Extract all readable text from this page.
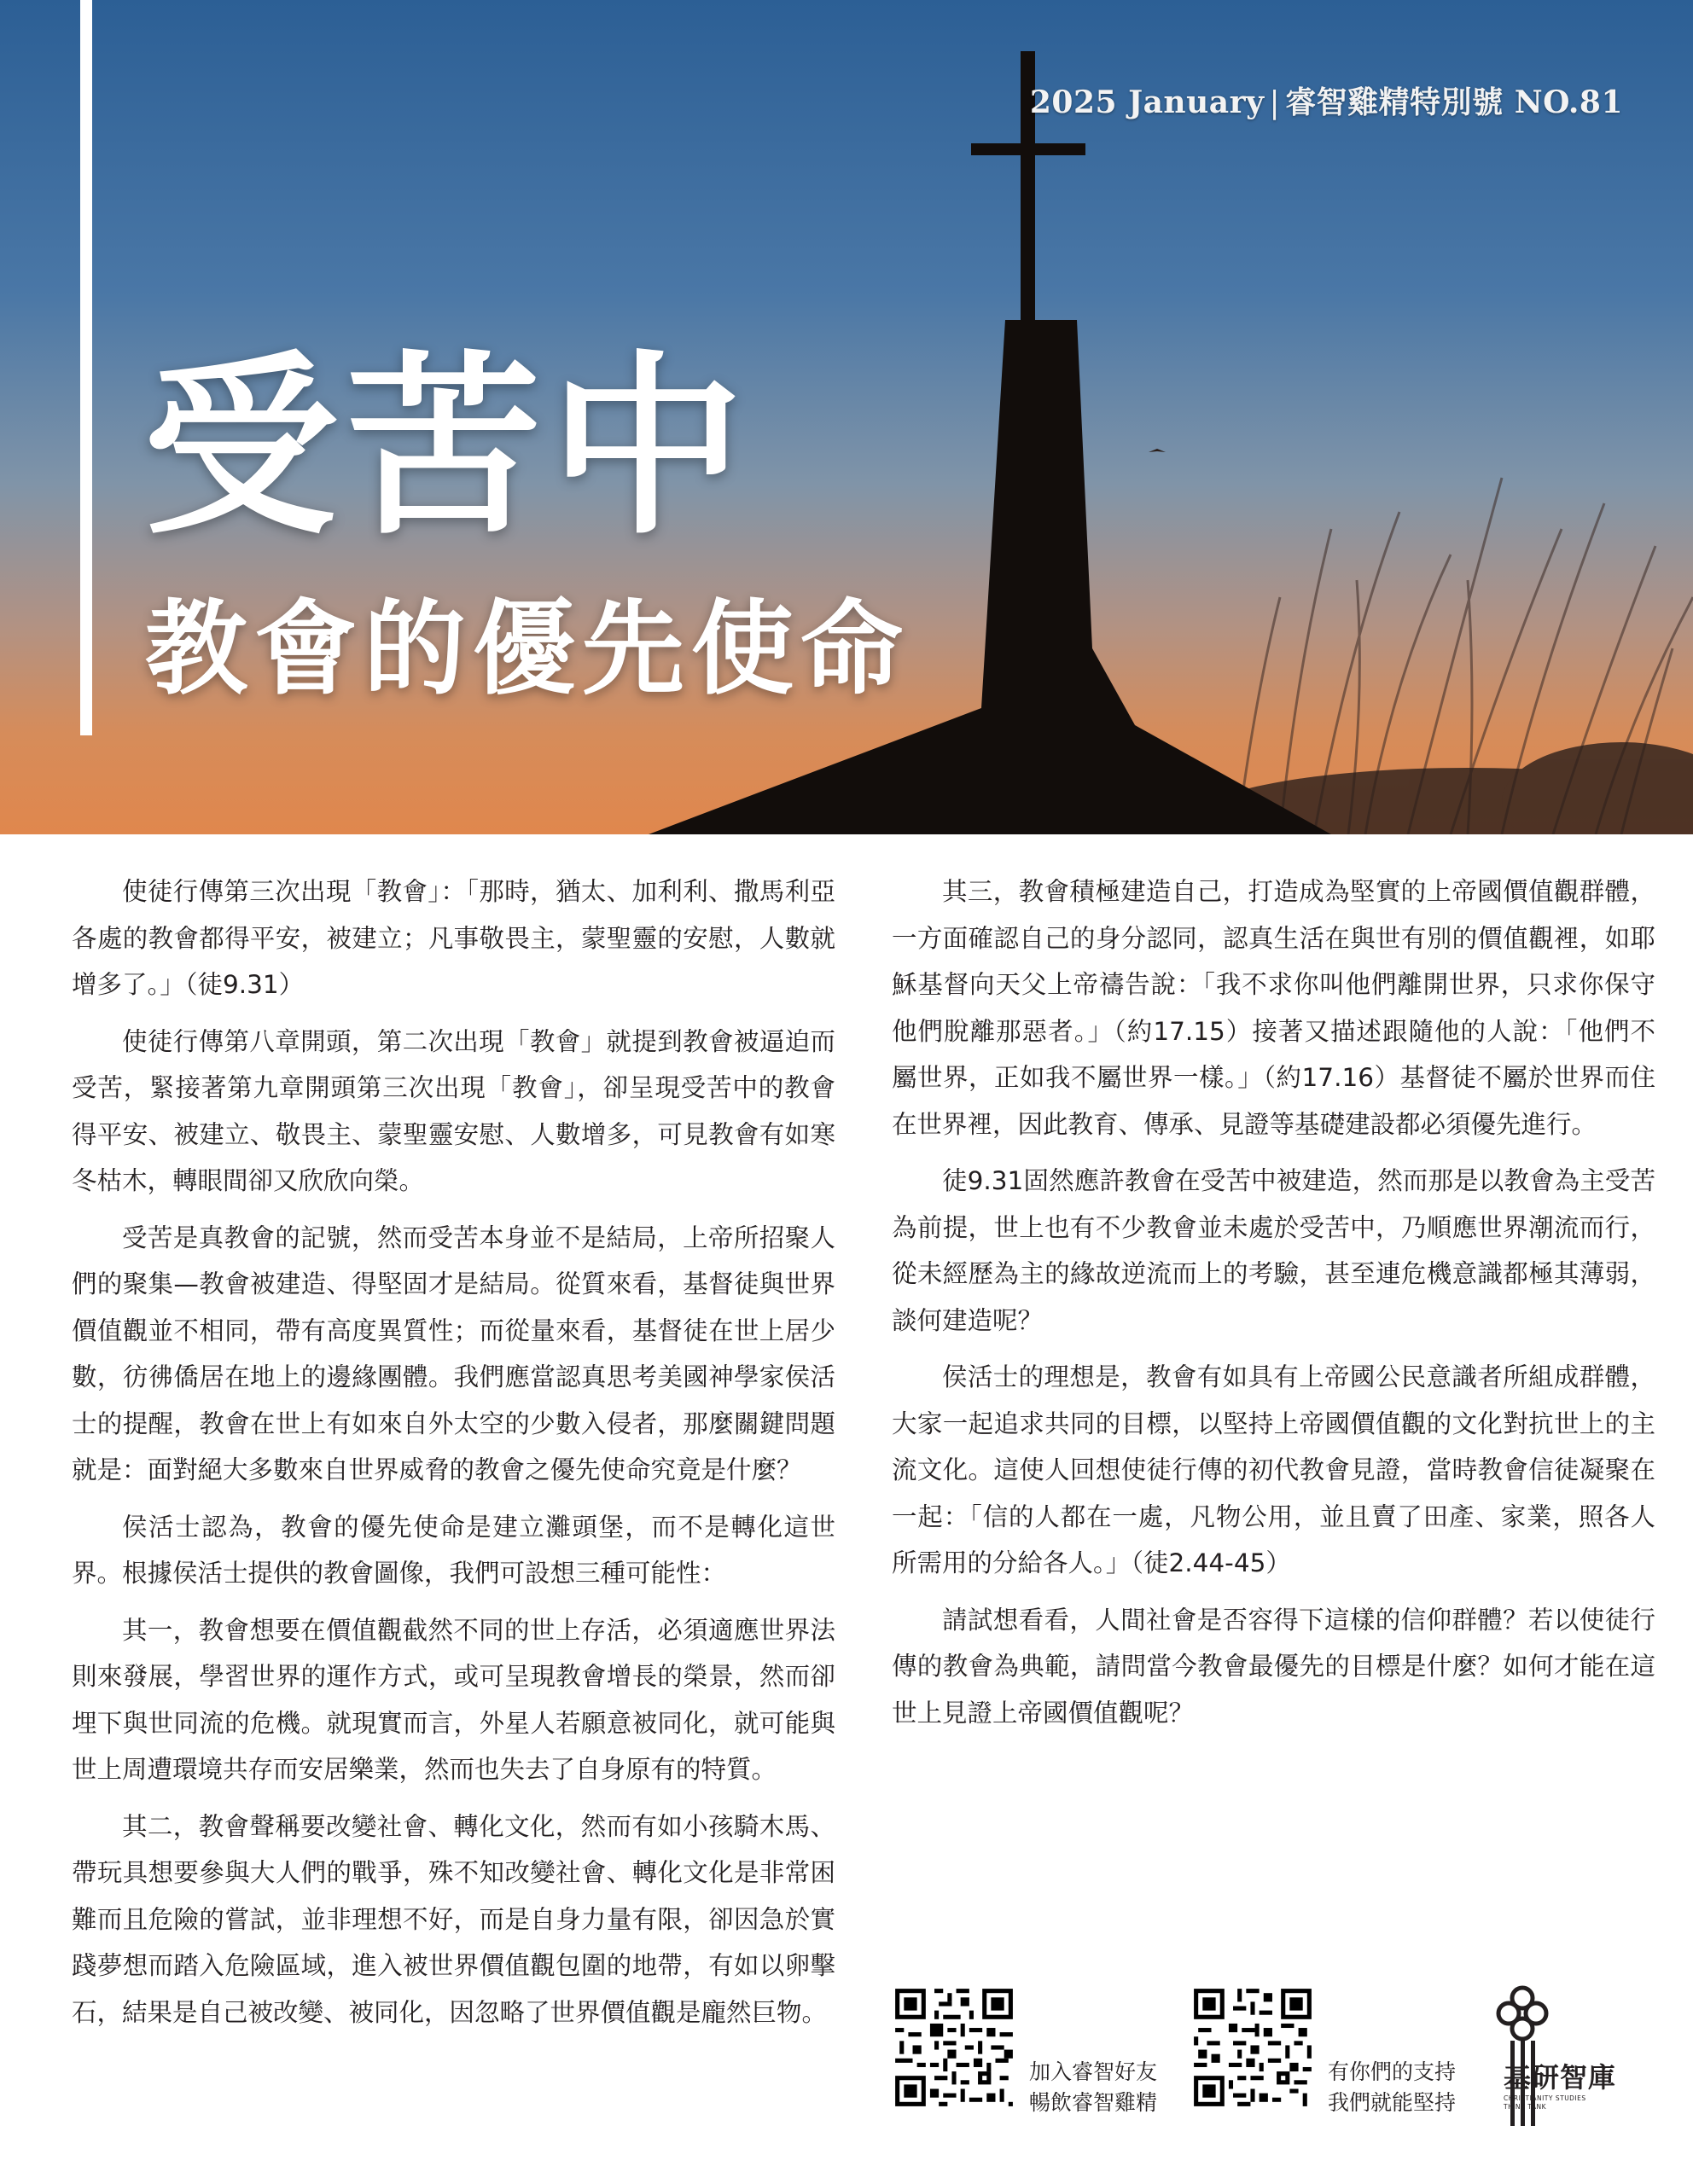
2025 January | 睿智雞精特別號 NO.81
受苦中
教會的優先使命

使徒行傳第三次出現「教會」：「那時，猶太、加利利、撒馬利亞各處的教會都得平安，被建立；凡事敬畏主，蒙聖靈的安慰，人數就增多了。」（徒9.31）

使徒行傳第八章開頭，第二次出現「教會」就提到教會被逼迫而受苦，緊接著第九章開頭第三次出現「教會」，卻呈現受苦中的教會得平安、被建立、敬畏主、蒙聖靈安慰、人數增多，可見教會有如寒冬枯木，轉眼間卻又欣欣向榮。

受苦是真教會的記號，然而受苦本身並不是結局，上帝所招聚人們的聚集—教會被建造、得堅固才是結局。從質來看，基督徒與世界價值觀並不相同，帶有高度異質性；而從量來看，基督徒在世上居少數，彷彿僑居在地上的邊緣團體。我們應當認真思考美國神學家侯活士的提醒，教會在世上有如來自外太空的少數入侵者，那麼關鍵問題就是：面對絕大多數來自世界威脅的教會之優先使命究竟是什麼？

侯活士認為，教會的優先使命是建立灘頭堡，而不是轉化這世界。根據侯活士提供的教會圖像，我們可設想三種可能性：

其一，教會想要在價值觀截然不同的世上存活，必須適應世界法則來發展，學習世界的運作方式，或可呈現教會增長的榮景，然而卻埋下與世同流的危機。就現實而言，外星人若願意被同化，就可能與世上周遭環境共存而安居樂業，然而也失去了自身原有的特質。

其二，教會聲稱要改變社會、轉化文化，然而有如小孩騎木馬、帶玩具想要參與大人們的戰爭，殊不知改變社會、轉化文化是非常困難而且危險的嘗試，並非理想不好，而是自身力量有限，卻因急於實踐夢想而踏入危險區域，進入被世界價值觀包圍的地帶，有如以卵擊石，結果是自己被改變、被同化，因忽略了世界價值觀是龐然巨物。

其三，教會積極建造自己，打造成為堅實的上帝國價值觀群體，一方面確認自己的身分認同，認真生活在與世有別的價值觀裡，如耶穌基督向天父上帝禱告說：「我不求你叫他們離開世界，只求你保守他們脫離那惡者。」（約17.15）接著又描述跟隨他的人說：「他們不屬世界，正如我不屬世界一樣。」（約17.16）基督徒不屬於世界而住在世界裡，因此教育、傳承、見證等基礎建設都必須優先進行。

徒9.31固然應許教會在受苦中被建造，然而那是以教會為主受苦為前提，世上也有不少教會並未處於受苦中，乃順應世界潮流而行，從未經歷為主的緣故逆流而上的考驗，甚至連危機意識都極其薄弱，談何建造呢？

侯活士的理想是，教會有如具有上帝國公民意識者所組成群體，大家一起追求共同的目標，以堅持上帝國價值觀的文化對抗世上的主流文化。這使人回想使徒行傳的初代教會見證，當時教會信徒凝聚在一起：「信的人都在一處，凡物公用，並且賣了田產、家業，照各人所需用的分給各人。」（徒2.44-45）

請試想看看，人間社會是否容得下這樣的信仰群體？若以使徒行傳的教會為典範，請問當今教會最優先的目標是什麼？如何才能在這世上見證上帝國價值觀呢？

加入睿智好友
暢飲睿智雞精
有你們的支持
我們就能堅持
基研智庫
CHRISTIANITY STUDIES
THINK TANK
